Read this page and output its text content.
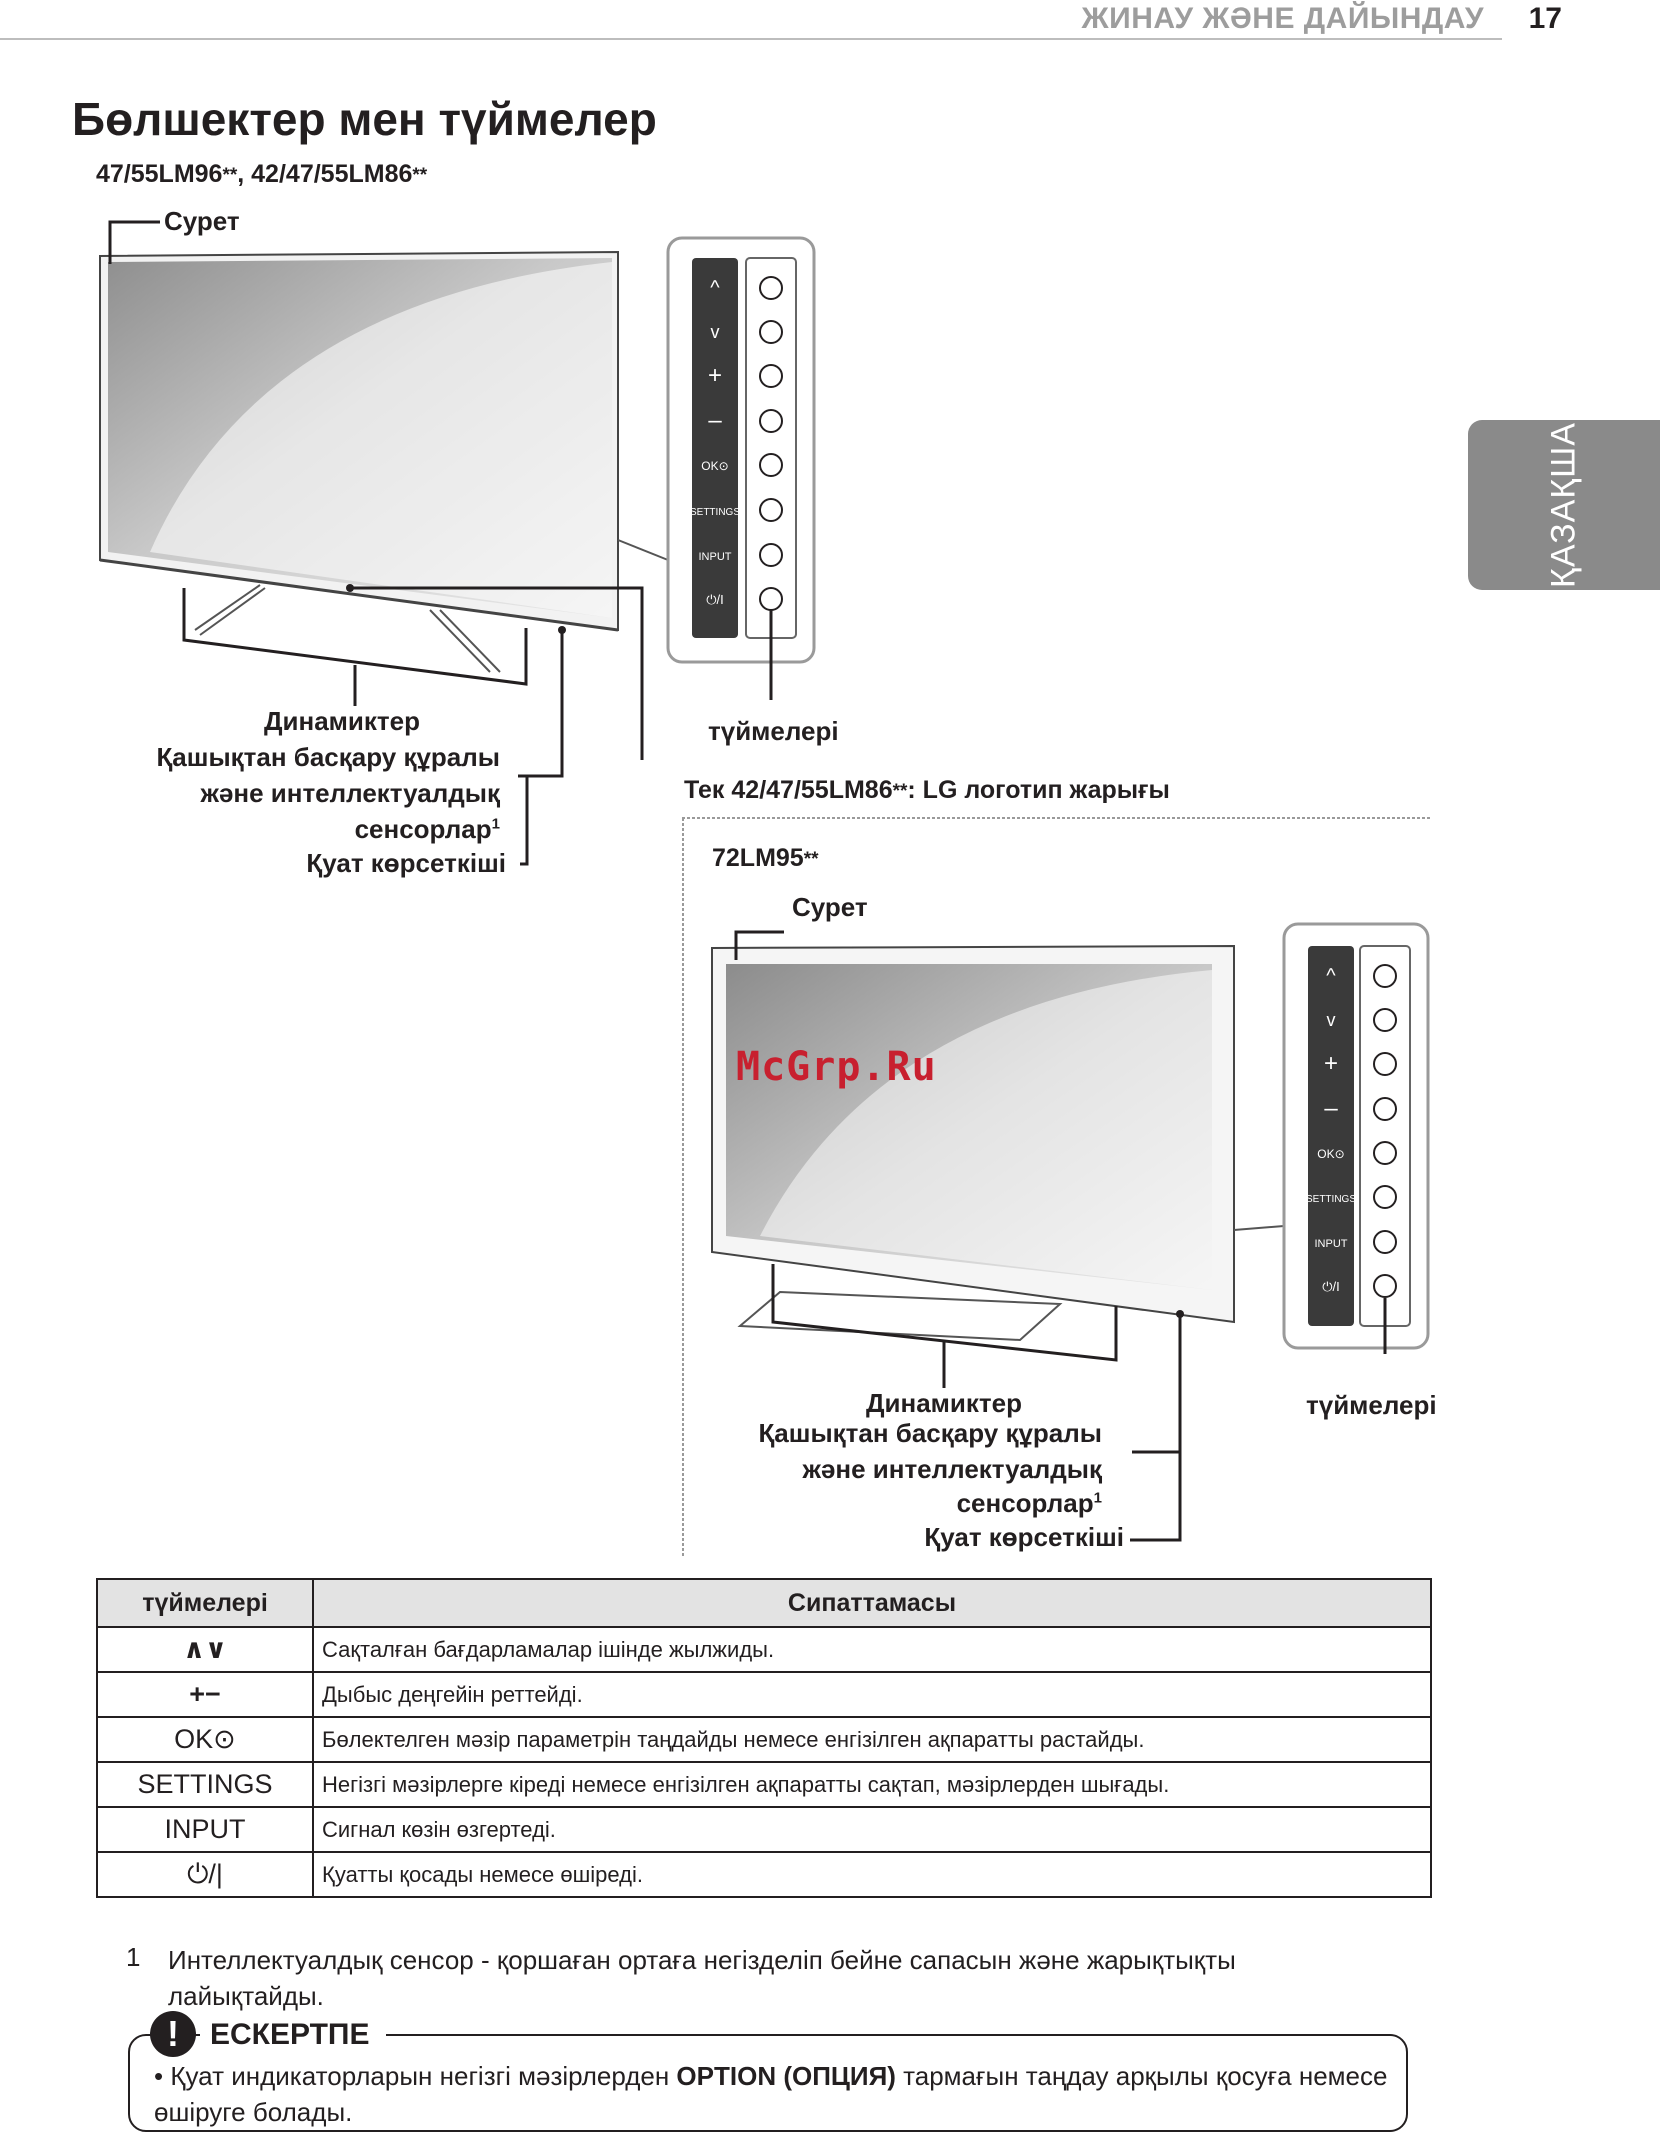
ЖИНАУ ЖӘНЕ ДАЙЫНДАУ 17
ҚАЗАҚША
Бөлшектер мен түймелер
47/55LM96**, 42/47/55LM86**
^
v
+
–
OK⊙
SETTINGS
INPUT
⏻/I
^
v
+
–
OK⊙
SETTINGS
INPUT
⏻/I
Сурет
Динамиктер
Қашықтан басқару құралы
және интеллектуалдық
сенсорлар$^1$
Қуат көрсеткіші
түймелері
Тек 42/47/55LM86**: LG логотип жарығы
72LM95**
Сурет
Динамиктер
Қашықтан басқару құралы
және интеллектуалдық
сенсорлар$^1$
Қуат көрсеткіші
түймелері
McGrp.Ru
түймелері	Сипаттамасы
∧∨	Сақталған бағдарламалар ішінде жылжиды.
+−	Дыбыс деңгейін реттейді.
OK⊙	Бөлектелген мәзір параметрін таңдайды немесе енгізілген ақпаратты растайды.
SETTINGS	Негізгі мәзірлерге кіреді немесе енгізілген ақпаратты сақтап, мәзірлерден шығады.
INPUT	Сигнал көзін өзгертеді.
⏻/|	Қуатты қосады немесе өшіреді.
1 Интеллектуалдық сенсор - қоршаған ортаға негізделіп бейне сапасын және жарықтықты лайықтайды.
!	ЕСКЕРТПЕ
• Қуат индикаторларын негізгі мәзірлерден OPTION (ОПЦИЯ) тармағын таңдау арқылы қосуға немесе өшіруге болады.
